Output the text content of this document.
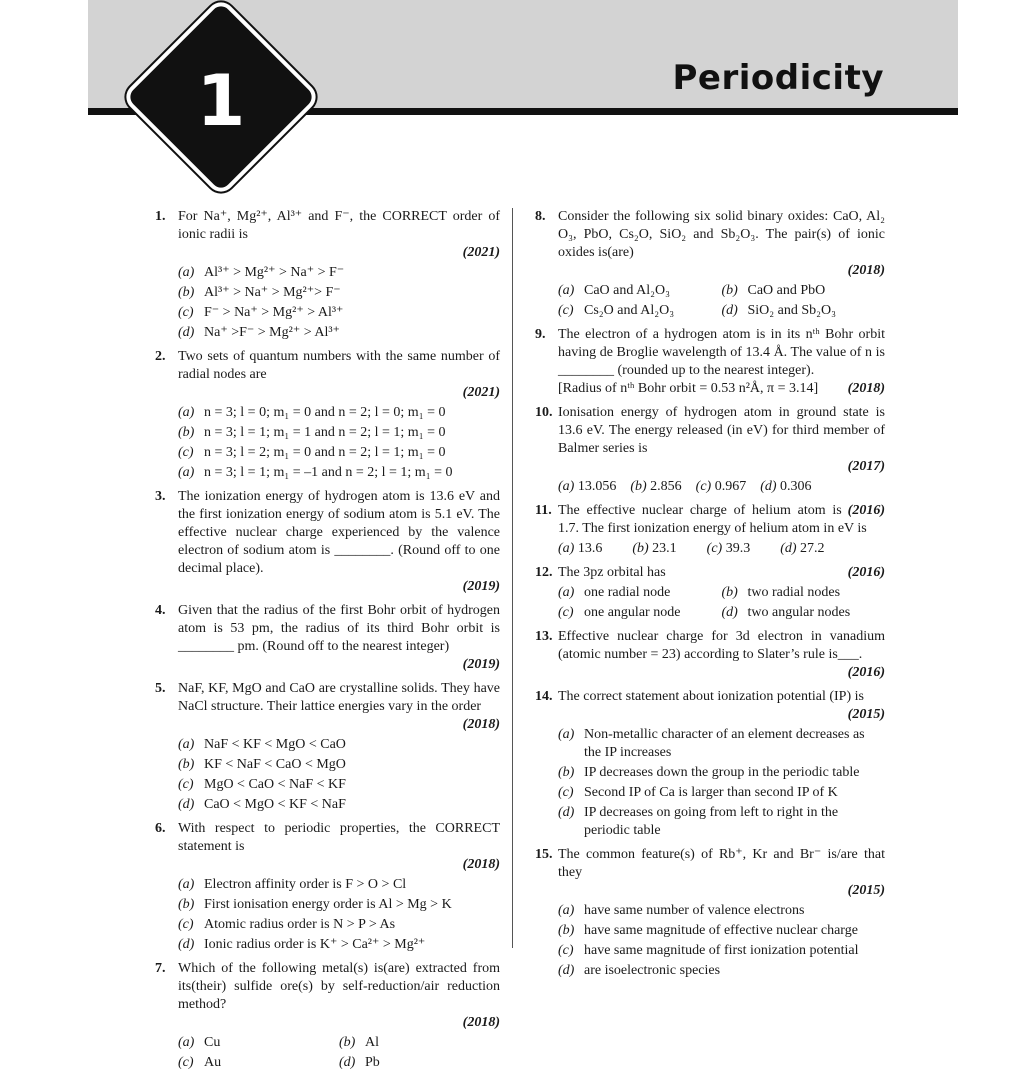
1	Periodicity
1. For Na⁺, Mg²⁺, Al³⁺ and F⁻, the CORRECT order of ionic radii is
(2021)
(a) Al³⁺ > Mg²⁺ > Na⁺ > F⁻
(b) Al³⁺ > Na⁺ > Mg²⁺> F⁻
(c) F⁻ > Na⁺ > Mg²⁺ > Al³⁺
(d) Na⁺ >F⁻ > Mg²⁺ > Al³⁺
2. Two sets of quantum numbers with the same number of radial nodes are
(2021)
(a) n = 3; l = 0; m₁ = 0 and n = 2; l = 0; m₁ = 0
(b) n = 3; l = 1; m₁ = 1 and n = 2; l = 1; m₁ = 0
(c) n = 3; l = 2; m₁ = 0 and n = 2; l = 1; m₁ = 0
(a) n = 3; l = 1; m₁ = –1 and n = 2; l = 1; m₁ = 0
3. The ionization energy of hydrogen atom is 13.6 eV and the first ionization energy of sodium atom is 5.1 eV. The effective nuclear charge experienced by the valence electron of sodium atom is ________. (Round off to one decimal place).
(2019)
4. Given that the radius of the first Bohr orbit of hydrogen atom is 53 pm, the radius of its third Bohr orbit is ________ pm. (Round off to the nearest integer)
(2019)
5. NaF, KF, MgO and CaO are crystalline solids. They have NaCl structure. Their lattice energies vary in the order
(2018)
(a) NaF < KF < MgO < CaO
(b) KF < NaF < CaO < MgO
(c) MgO < CaO < NaF < KF
(d) CaO < MgO < KF < NaF
6. With respect to periodic properties, the CORRECT statement is
(2018)
(a) Electron affinity order is F > O > Cl
(b) First ionisation energy order is Al > Mg > K
(c) Atomic radius order is N > P > As
(d) Ionic radius order is K⁺ > Ca²⁺ > Mg²⁺
7. Which of the following metal(s) is(are) extracted from its(their) sulfide ore(s) by self-reduction/air reduction method?
(2018)
(a) Cu	(b) Al
(c) Au	(d) Pb
8. Consider the following six solid binary oxides: CaO, Al₂ O₃, PbO, Cs₂O, SiO₂ and Sb₂O₃. The pair(s) of ionic oxides is(are)
(2018)
(a) CaO and Al₂O₃	(b) CaO and PbO
(c) Cs₂O and Al₂O₃	(d) SiO₂ and Sb₂O₃
9. The electron of a hydrogen atom is in its nᵗʰ Bohr orbit having de Broglie wavelength of 13.4 Å. The value of n is ________ (rounded up to the nearest integer).
(2018)
[Radius of nᵗʰ Bohr orbit = 0.53 n²Å, π = 3.14]
10. Ionisation energy of hydrogen atom in ground state is 13.6 eV. The energy released (in eV) for third member of Balmer series is
(2017)
(a) 13.056 (b) 2.856 (c) 0.967 (d) 0.306
11.	(2016)
The effective nuclear charge of helium atom is 1.7. The first ionization energy of helium atom in eV is
(a) 13.6 (b) 23.1 (c) 39.3 (d) 27.2
12.	(2016)
The 3pz orbital has
(a) one radial node	(b) two radial nodes
(c) one angular node	(d) two angular nodes
13. Effective nuclear charge for 3d electron in vanadium (atomic number = 23) according to Slater’s rule is___.
(2016)
14. The correct statement about ionization potential (IP) is
(2015)
(a) Non-metallic character of an element decreases as the IP increases
(b) IP decreases down the group in the periodic table
(c) Second IP of Ca is larger than second IP of K
(d) IP decreases on going from left to right in the periodic table
15. The common feature(s) of Rb⁺, Kr and Br⁻ is/are that they
(2015)
(a) have same number of valence electrons
(b) have same magnitude of effective nuclear charge
(c) have same magnitude of first ionization potential
(d) are isoelectronic species
